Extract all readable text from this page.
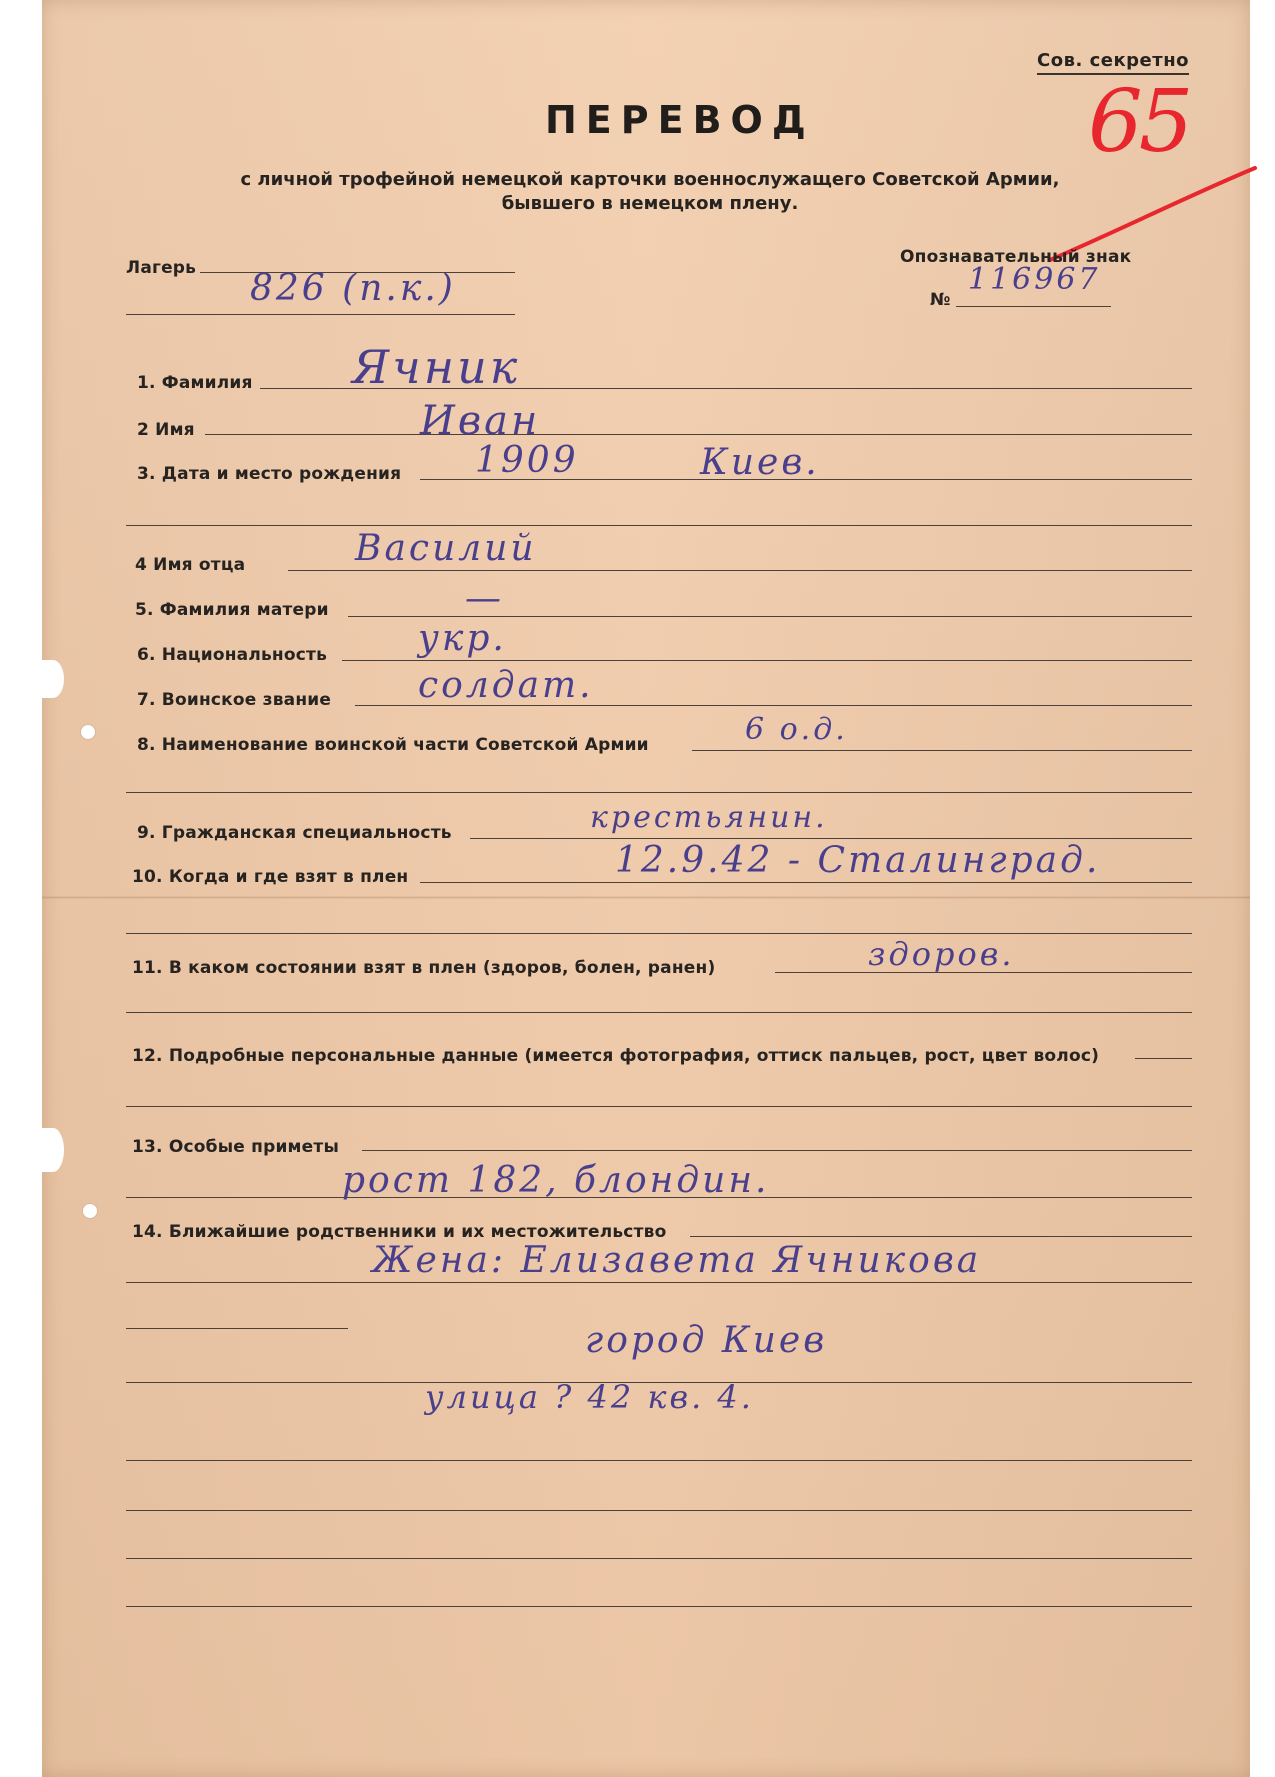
Сов. секретно
65
ПЕРЕВОД
с личной трофейной немецкой карточки военнослужащего Советской Армии,
бывшего в немецком плену.
Лагерь 826 (п.к.)
Опознавательный знак
№
116967
1. Фамилия Ячник
2 Имя	Иван
3. Дата и место рождения 1909	Киев.
4 Имя отца	Василий
5. Фамилия матери	—
6. Национальность	укр.
7. Воинское звание солдат.
8. Наименование воинской части Советской Армии	6 о.д.
9. Гражданская специальность	крестьянин.
10. Когда и где взят в плен	12.9.42 - Сталинград.
11. В каком состоянии взят в плен (здоров, болен, ранен)	здоров.
12. Подробные персональные данные (имеется фотография, оттиск пальцев, рост, цвет волос)
13. Особые приметы
рост 182, блондин.
14. Ближайшие родственники и их местожительство
Жена: Елизавета Ячникова
город Киев
улица ? 42 кв. 4.
